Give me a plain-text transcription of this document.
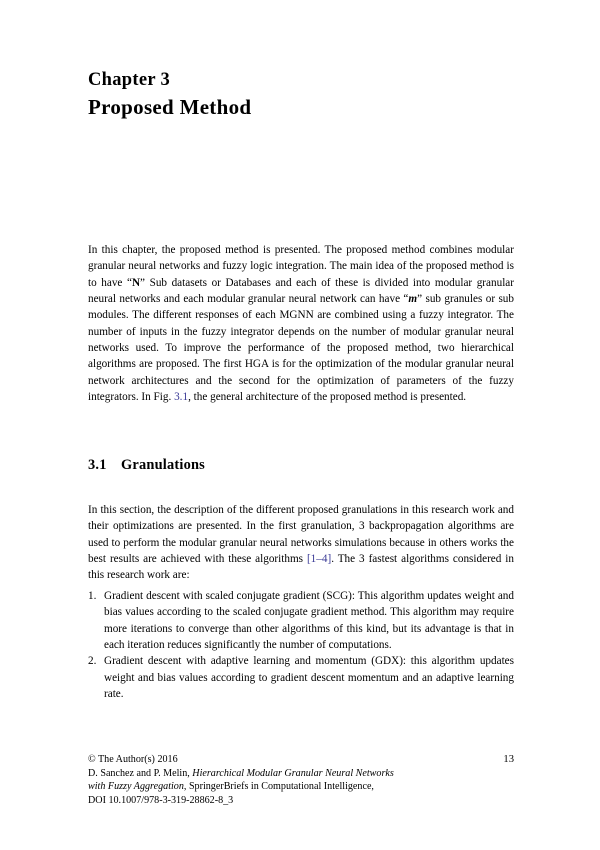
Chapter 3
Proposed Method
In this chapter, the proposed method is presented. The proposed method combines modular granular neural networks and fuzzy logic integration. The main idea of the proposed method is to have “N” Sub datasets or Databases and each of these is divided into modular granular neural networks and each modular granular neural network can have “m” sub granules or sub modules. The different responses of each MGNN are combined using a fuzzy integrator. The number of inputs in the fuzzy integrator depends on the number of modular granular neural networks used. To improve the performance of the proposed method, two hierarchical algorithms are proposed. The first HGA is for the optimization of the modular granular neural network architectures and the second for the optimization of parameters of the fuzzy integrators. In Fig. 3.1, the general architecture of the proposed method is presented.
3.1 Granulations
In this section, the description of the different proposed granulations in this research work and their optimizations are presented. In the first granulation, 3 backpropagation algorithms are used to perform the modular granular neural networks simulations because in others works the best results are achieved with these algorithms [1–4]. The 3 fastest algorithms considered in this research work are:
1. Gradient descent with scaled conjugate gradient (SCG): This algorithm updates weight and bias values according to the scaled conjugate gradient method. This algorithm may require more iterations to converge than other algorithms of this kind, but its advantage is that in each iteration reduces significantly the number of computations.
2. Gradient descent with adaptive learning and momentum (GDX): this algorithm updates weight and bias values according to gradient descent momentum and an adaptive learning rate.
© The Author(s) 2016	13
D. Sanchez and P. Melin, Hierarchical Modular Granular Neural Networks
with Fuzzy Aggregation, SpringerBriefs in Computational Intelligence,
DOI 10.1007/978-3-319-28862-8_3
